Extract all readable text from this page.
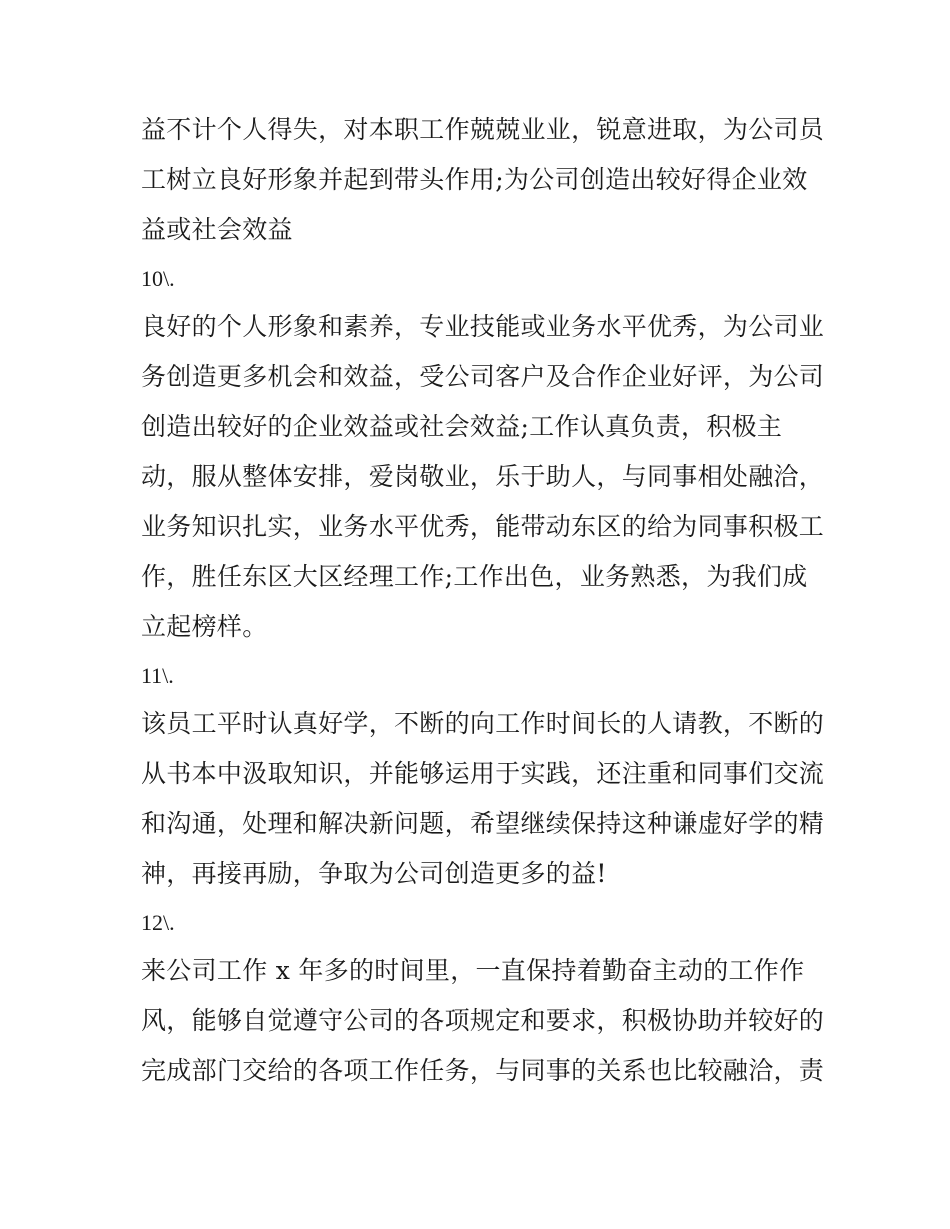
益不计个人得失，对本职工作兢兢业业，锐意进取，为公司员
工树立良好形象并起到带头作用;为公司创造出较好得企业效
益或社会效益
10\.
良好的个人形象和素养，专业技能或业务水平优秀，为公司业
务创造更多机会和效益，受公司客户及合作企业好评，为公司
创造出较好的企业效益或社会效益;工作认真负责，积极主
动，服从整体安排，爱岗敬业，乐于助人，与同事相处融洽，
业务知识扎实，业务水平优秀，能带动东区的给为同事积极工
作，胜任东区大区经理工作;工作出色，业务熟悉，为我们成
立起榜样。
11\.
该员工平时认真好学，不断的向工作时间长的人请教，不断的
从书本中汲取知识，并能够运用于实践，还注重和同事们交流
和沟通，处理和解决新问题，希望继续保持这种谦虚好学的精
神，再接再励，争取为公司创造更多的益!
12\.
来公司工作 x 年多的时间里，一直保持着勤奋主动的工作作
风，能够自觉遵守公司的各项规定和要求，积极协助并较好的
完成部门交给的各项工作任务，与同事的关系也比较融洽，责
